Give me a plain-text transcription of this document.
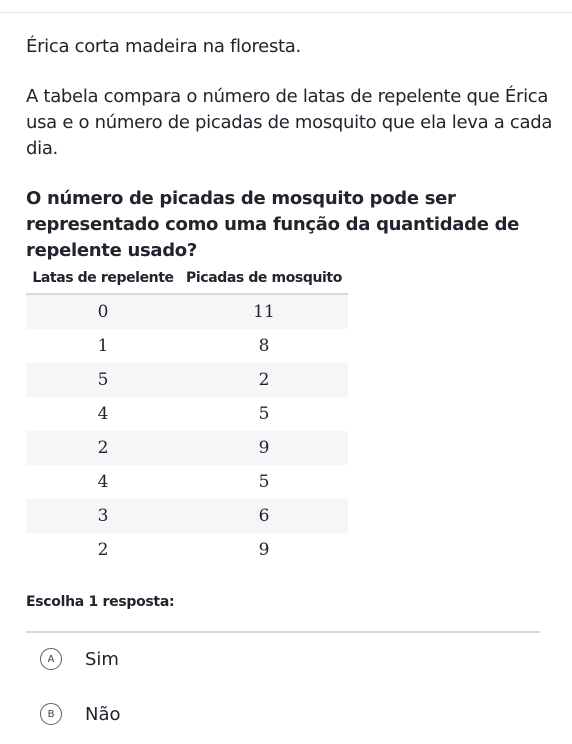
Érica corta madeira na floresta.

A tabela compara o número de latas de repelente que Érica usa e o número de picadas de mosquito que ela leva a cada dia.

O número de picadas de mosquito pode ser representado como uma função da quantidade de repelente usado?

Latas de repelente	Picadas de mosquito
0	11
1	8
5	2
4	5
2	9
4	5
3	6
2	9
Escolha 1 resposta:
A	Sim
B	Não
